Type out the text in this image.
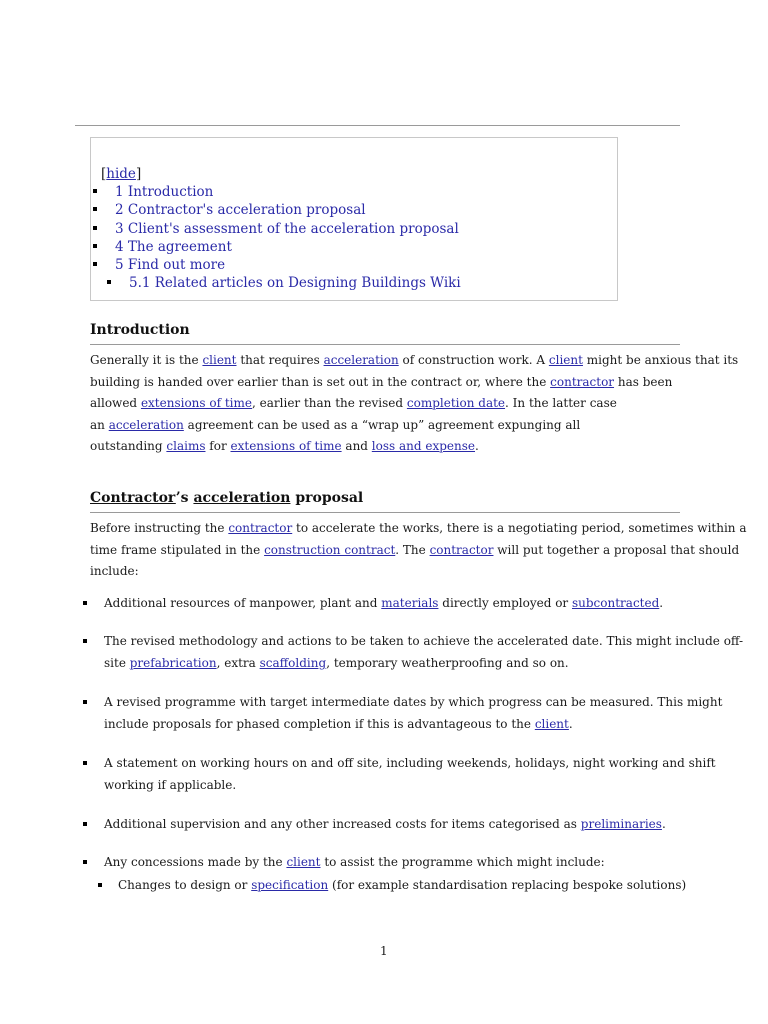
[hide]
1 Introduction
2 Contractor's acceleration proposal
3 Client's assessment of the acceleration proposal
4 The agreement
5 Find out more
5.1 Related articles on Designing Buildings Wiki
Introduction
Generally it is the client that requires acceleration of construction work. A client might be anxious that its
building is handed over earlier than is set out in the contract or, where the contractor has been
allowed extensions of time, earlier than the revised completion date. In the latter case
an acceleration agreement can be used as a “wrap up” agreement expunging all
outstanding claims for extensions of time and loss and expense.
Contractor’s acceleration proposal
Before instructing the contractor to accelerate the works, there is a negotiating period, sometimes within a
time frame stipulated in the construction contract. The contractor will put together a proposal that should
include:
Additional resources of manpower, plant and materials directly employed or subcontracted.
The revised methodology and actions to be taken to achieve the accelerated date. This might include off-
site prefabrication, extra scaffolding, temporary weatherproofing and so on.
A revised programme with target intermediate dates by which progress can be measured. This might
include proposals for phased completion if this is advantageous to the client.
A statement on working hours on and off site, including weekends, holidays, night working and shift
working if applicable.
Additional supervision and any other increased costs for items categorised as preliminaries.
Any concessions made by the client to assist the programme which might include:
Changes to design or specification (for example standardisation replacing bespoke solutions)
1
